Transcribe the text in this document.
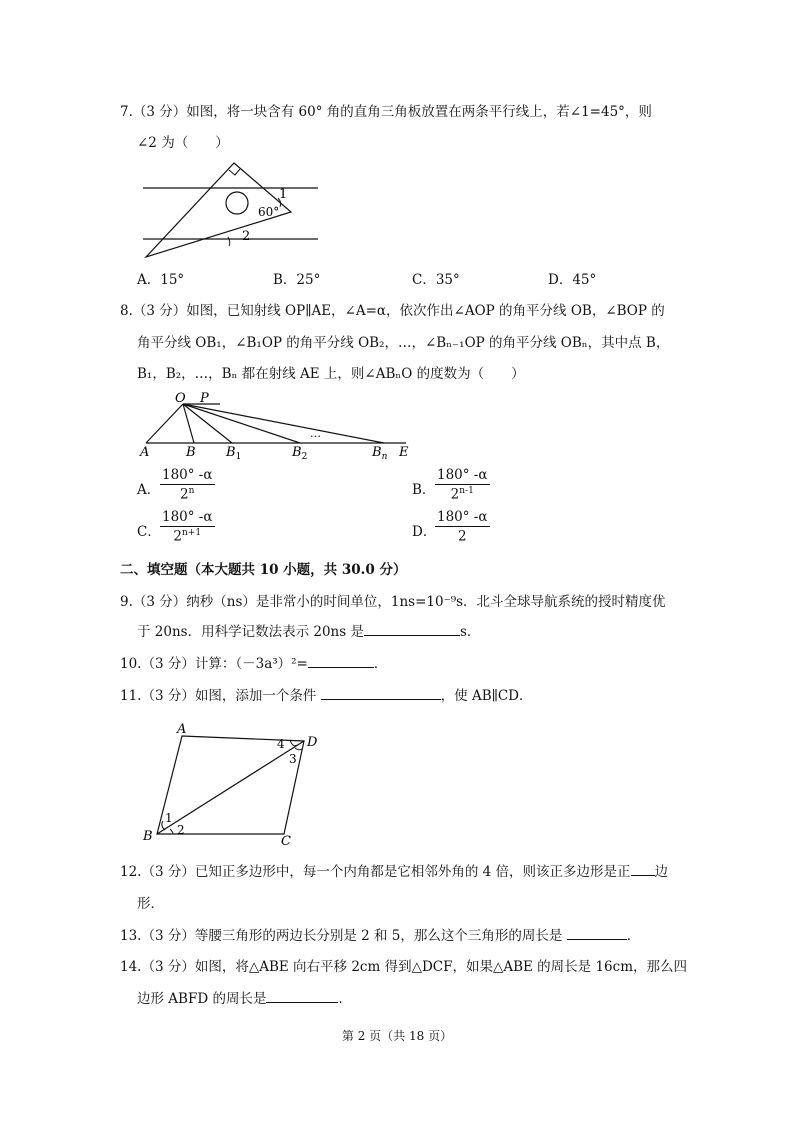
7.（3 分）如图，将一块含有 60° 角的直角三角板放置在两条平行线上，若∠1=45°，则
∠2 为（　　）
1
60°
2
A．15°	B．25°	C．35°	D．45°
8.（3 分）如图，已知射线 OP∥AE，∠A=α，依次作出∠AOP 的角平分线 OB，∠BOP 的
角平分线 OB₁，∠B₁OP 的角平分线 OB₂，…，∠Bₙ₋₁OP 的角平分线 OBₙ，其中点 B，
B₁，B₂，…，Bₙ 都在射线 AE 上，则∠ABₙO 的度数为（　　）
…
O P
A	B $B_1$	$B_2$	$B_n$ E
A． $\frac{180^\circ -\alpha}{2^n}$	B． $\frac{180^\circ -\alpha}{2^{n-1}}$
C． $\frac{180^\circ -\alpha}{2^{n+1}}$	D．
$\frac{180^\circ -\alpha}{2}$
二、填空题（本大题共 10 小题，共 30.0 分）
9.（3 分）纳秒（ns）是非常小的时间单位，1ns=10⁻⁹s．北斗全球导航系统的授时精度优
于 20ns．用科学记数法表示 20ns 是	s．
10.（3 分）计算：（－3a³）²=	．
11.（3 分）如图，添加一个条件	，使 AB∥CD．
A
D
B	C
4
3
1
2
12.（3 分）已知正多边形中，每一个内角都是它相邻外角的 4 倍，则该正多边形是正 边
形．
13.（3 分）等腰三角形的两边长分别是 2 和 5，那么这个三角形的周长是	．
14.（3 分）如图，将△ABE 向右平移 2cm 得到△DCF，如果△ABE 的周长是 16cm，那么四
边形 ABFD 的周长是	．
第 2 页（共 18 页）
